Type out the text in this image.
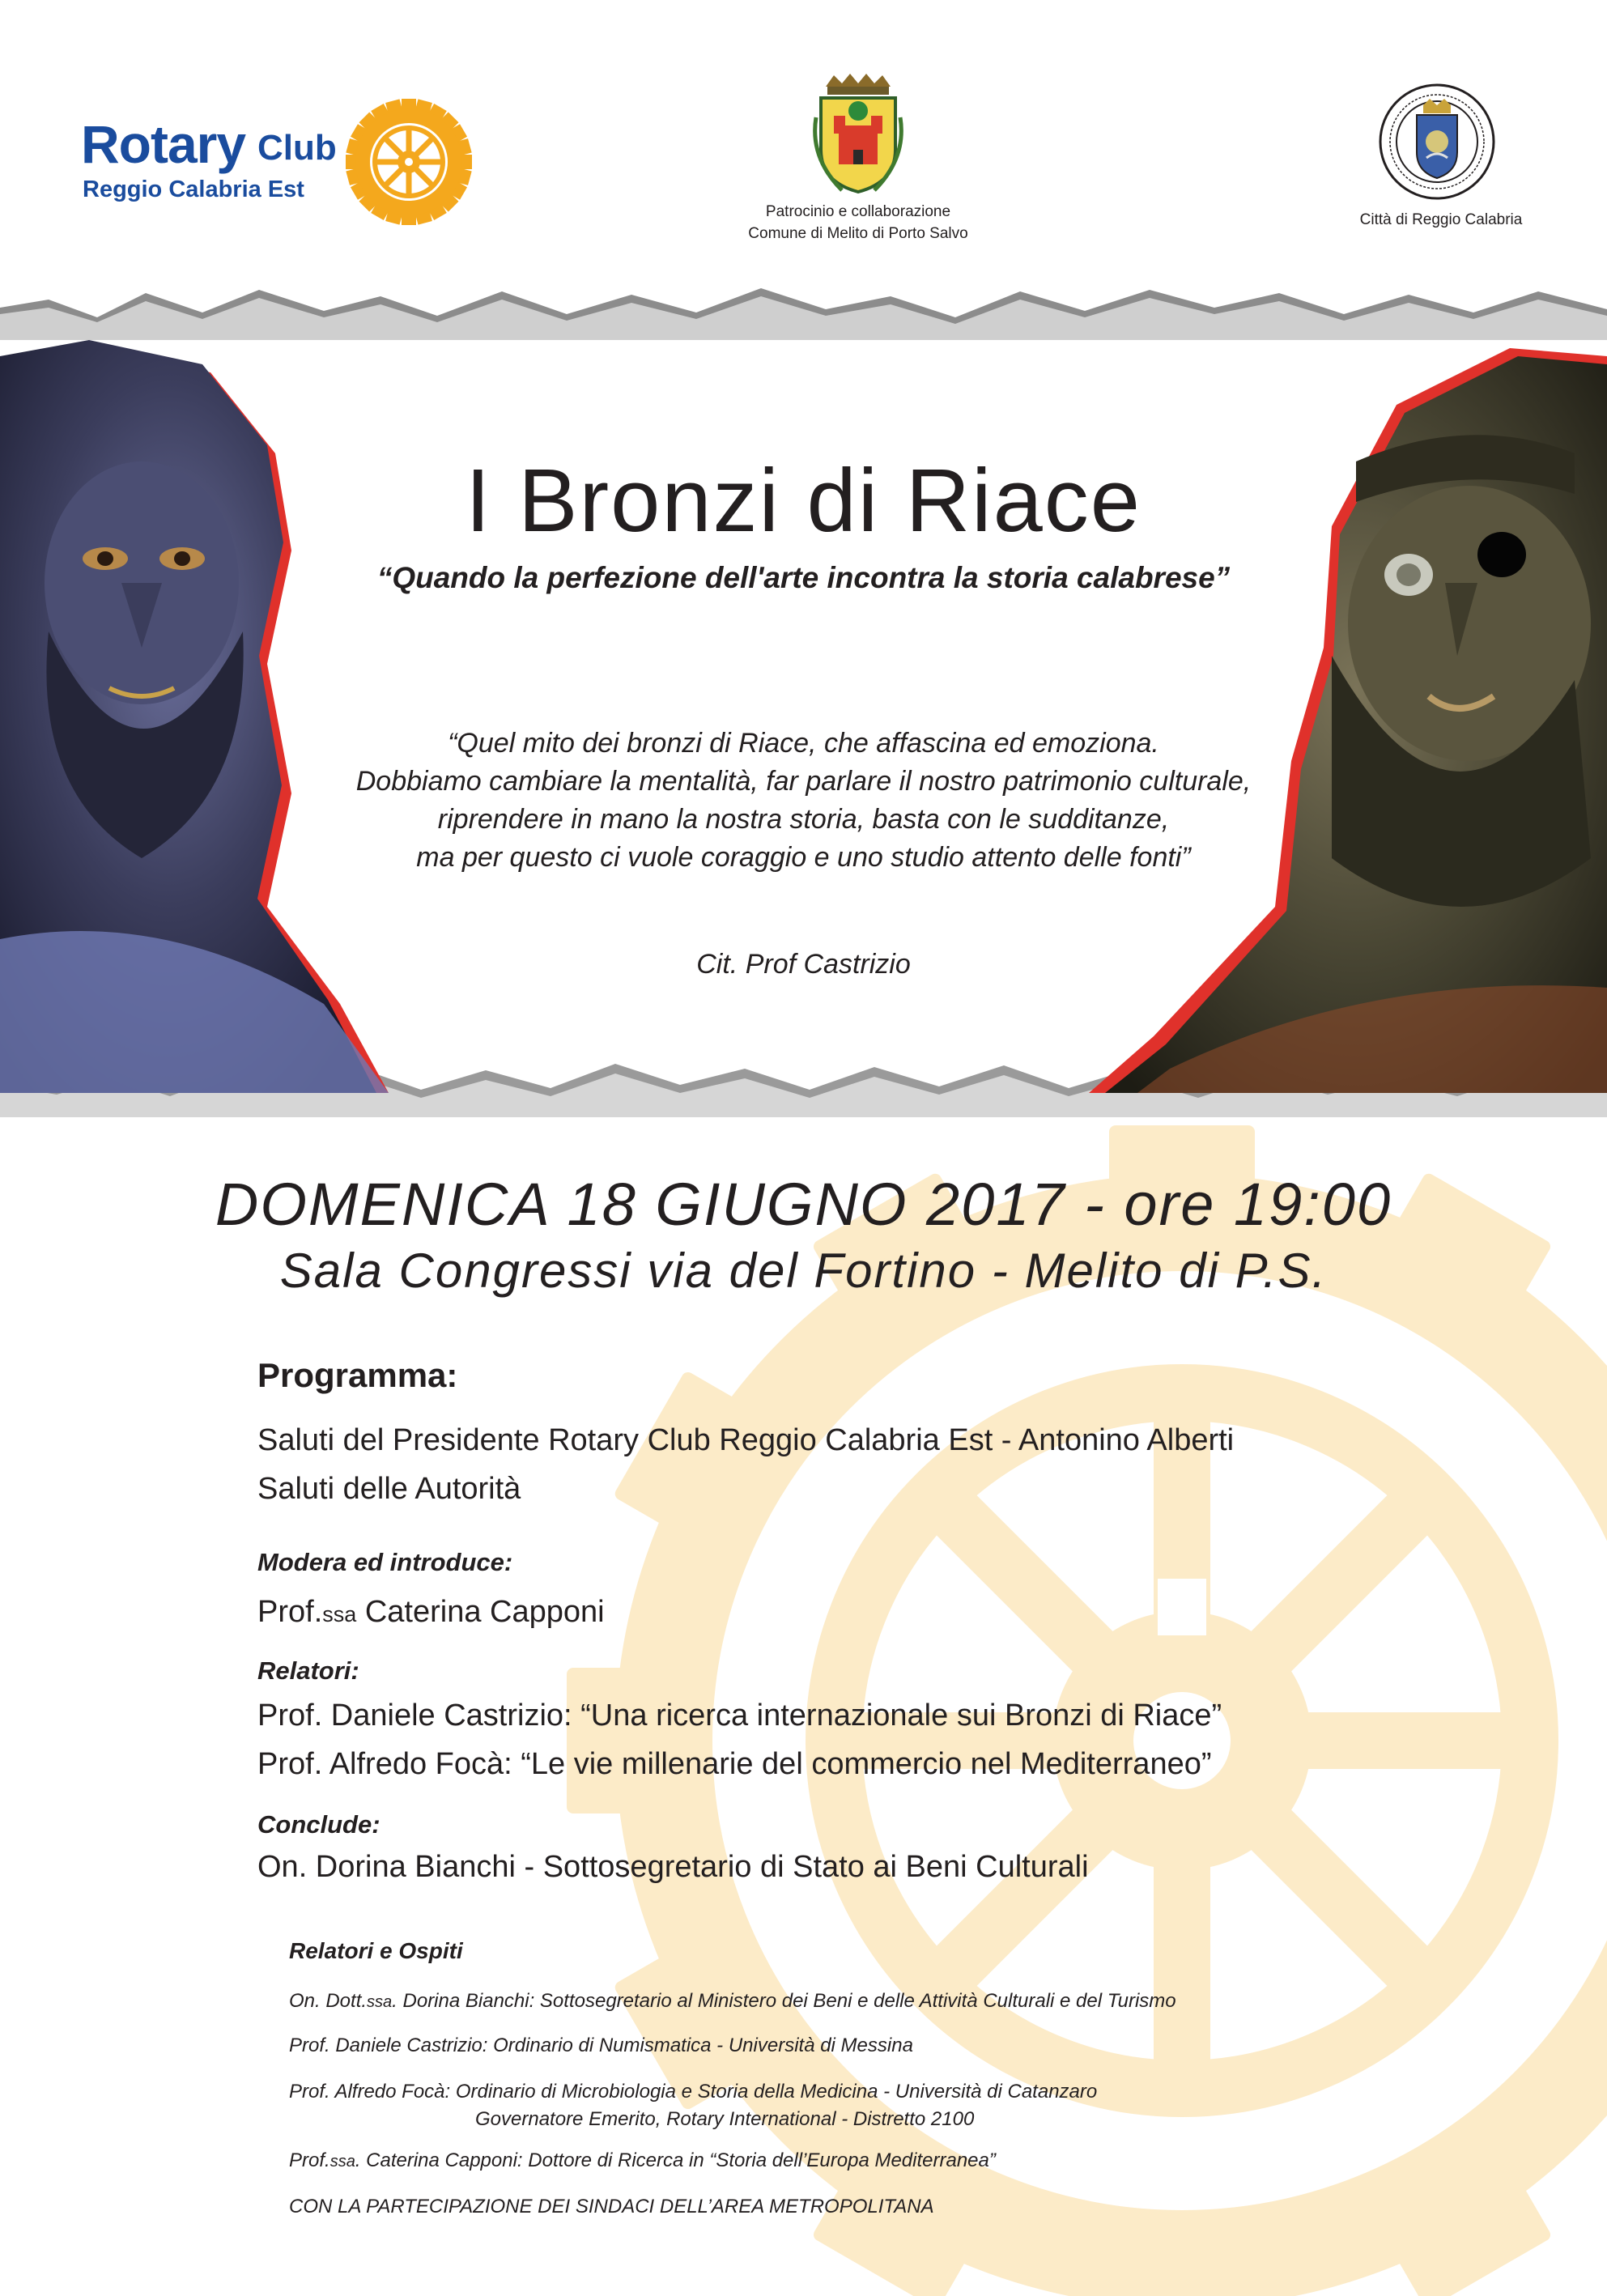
Rotary Club
Reggio Calabria Est
Patrocinio e collaborazione
Comune di Melito di Porto Salvo
Città di Reggio Calabria
I Bronzi di Riace
“Quando la perfezione dell'arte incontra la storia calabrese”
“Quel mito dei bronzi di Riace, che affascina ed emoziona.
Dobbiamo cambiare la mentalità, far parlare il nostro patrimonio culturale,
riprendere in mano la nostra storia, basta con le sudditanze,
ma per questo ci vuole coraggio e uno studio attento delle fonti”
Cit. Prof Castrizio
DOMENICA 18 GIUGNO 2017 - ore 19:00
Sala Congressi via del Fortino - Melito di P.S.
Programma:
Saluti del Presidente Rotary Club Reggio Calabria Est - Antonino Alberti
Saluti delle Autorità
Modera ed introduce:
Prof.ssa Caterina Capponi
Relatori:
Prof. Daniele Castrizio: “Una ricerca internazionale sui Bronzi di Riace”
Prof. Alfredo Focà: “Le vie millenarie del commercio nel Mediterraneo”
Conclude:
On. Dorina Bianchi - Sottosegretario di Stato ai Beni Culturali
Relatori e Ospiti
On. Dott.ssa. Dorina Bianchi: Sottosegretario al Ministero dei Beni e delle Attività Culturali e del Turismo
Prof. Daniele Castrizio: Ordinario di Numismatica - Università di Messina
Prof. Alfredo Focà: Ordinario di Microbiologia e Storia della Medicina - Università di Catanzaro
Governatore Emerito, Rotary International - Distretto 2100
Prof.ssa. Caterina Capponi: Dottore di Ricerca in “Storia dell’Europa Mediterranea”
CON LA PARTECIPAZIONE DEI SINDACI DELL’AREA METROPOLITANA
